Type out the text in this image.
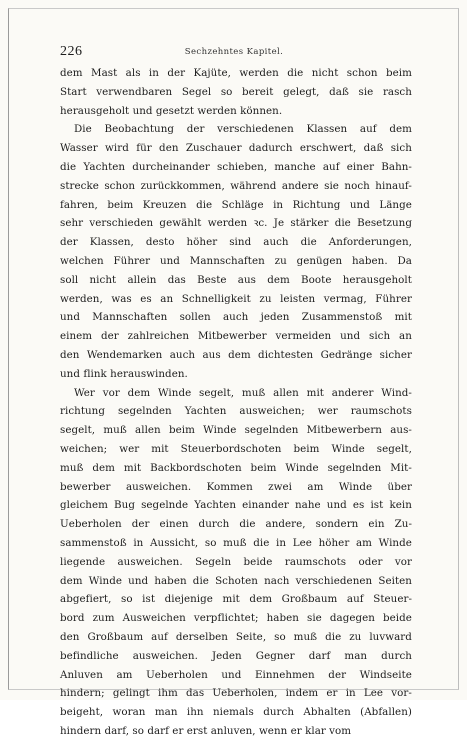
226	Sechzehntes Kapitel.
dem Mast als in der Kajüte, werden die nicht schon beim
Start verwendbaren Segel so bereit gelegt, daß sie rasch
herausgeholt und gesetzt werden können.
Die Beobachtung der verschiedenen Klassen auf dem
Wasser wird für den Zuschauer dadurch erschwert, daß sich
die Yachten durcheinander schieben, manche auf einer Bahn-
strecke schon zurückkommen, während andere sie noch hinauf-
fahren, beim Kreuzen die Schläge in Richtung und Länge
sehr verschieden gewählt werden ꝛc. Je stärker die Besetzung
der Klassen, desto höher sind auch die Anforderungen,
welchen Führer und Mannschaften zu genügen haben. Da
soll nicht allein das Beste aus dem Boote herausgeholt
werden, was es an Schnelligkeit zu leisten vermag, Führer
und Mannschaften sollen auch jeden Zusammenstoß mit
einem der zahlreichen Mitbewerber vermeiden und sich an
den Wendemarken auch aus dem dichtesten Gedränge sicher
und flink herauswinden.
Wer vor dem Winde segelt, muß allen mit anderer Wind-
richtung segelnden Yachten ausweichen; wer raumschots
segelt, muß allen beim Winde segelnden Mitbewerbern aus-
weichen; wer mit Steuerbordschoten beim Winde segelt,
muß dem mit Backbordschoten beim Winde segelnden Mit-
bewerber ausweichen. Kommen zwei am Winde über
gleichem Bug segelnde Yachten einander nahe und es ist kein
Ueberholen der einen durch die andere, sondern ein Zu-
sammenstoß in Aussicht, so muß die in Lee höher am Winde
liegende ausweichen. Segeln beide raumschots oder vor
dem Winde und haben die Schoten nach verschiedenen Seiten
abgefiert, so ist diejenige mit dem Großbaum auf Steuer-
bord zum Ausweichen verpflichtet; haben sie dagegen beide
den Großbaum auf derselben Seite, so muß die zu luvward
befindliche ausweichen. Jeden Gegner darf man durch
Anluven am Ueberholen und Einnehmen der Windseite
hindern; gelingt ihm das Ueberholen, indem er in Lee vor-
beigeht, woran man ihn niemals durch Abhalten (Abfallen)
hindern darf, so darf er erst anluven, wenn er klar vom
